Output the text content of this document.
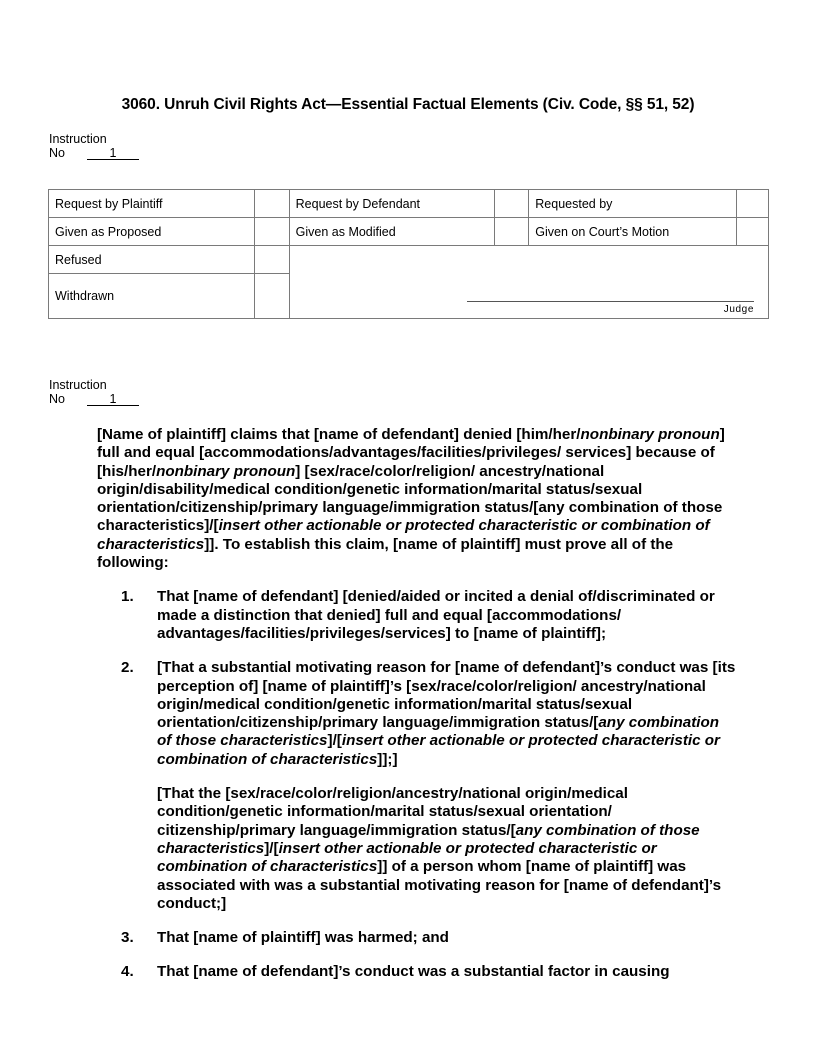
3060. Unruh Civil Rights Act—Essential Factual Elements (Civ. Code, §§ 51, 52)
Instruction
No	1
Request by Plaintiff		Request by Defendant		Requested by	
Given as Proposed		Given as Modified		Given on Court’s Motion	
Refused		Judge			

Withdrawn					
Instruction
No	1

[Name of plaintiff] claims that [name of defendant] denied [him/her/nonbinary pronoun] full and equal [accommodations/advantages/facilities/privileges/ services] because of [his/her/nonbinary pronoun] [sex/race/color/religion/ ancestry/national origin/disability/medical condition/genetic information/marital status/sexual orientation/citizenship/primary language/immigration status/[any combination of those characteristics]/[insert other actionable or protected characteristic or combination of characteristics]]. To establish this claim, [name of plaintiff] must prove all of the following:

1. That [name of defendant] [denied/aided or incited a denial of/discriminated or made a distinction that denied] full and equal [accommodations/ advantages/facilities/privileges/services] to [name of plaintiff];

2. [That a substantial motivating reason for [name of defendant]’s conduct was [its perception of] [name of plaintiff]’s [sex/race/color/religion/ ancestry/national origin/medical condition/genetic information/marital status/sexual orientation/citizenship/primary language/immigration status/[any combination of those characteristics]/[insert other actionable or protected characteristic or combination of characteristics]];]

[That the [sex/race/color/religion/ancestry/national origin/medical condition/genetic information/marital status/sexual orientation/ citizenship/primary language/immigration status/[any combination of those characteristics]/[insert other actionable or protected characteristic or combination of characteristics]] of a person whom [name of plaintiff] was associated with was a substantial motivating reason for [name of defendant]’s conduct;]

3. That [name of plaintiff] was harmed; and

4. That [name of defendant]’s conduct was a substantial factor in causing
